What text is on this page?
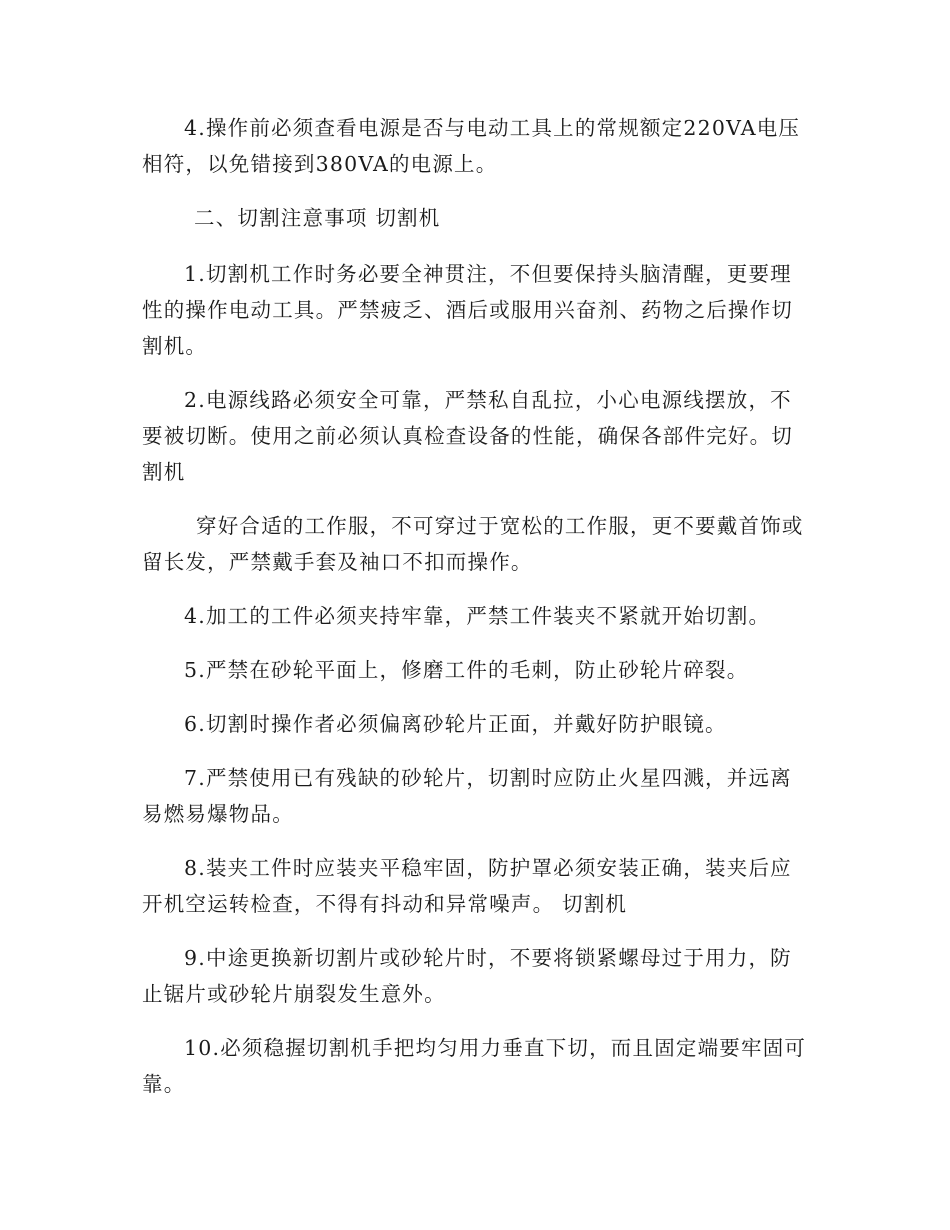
4.操作前必须查看电源是否与电动工具上的常规额定220VA电压相符，以免错接到380VA的电源上。

二、切割注意事项 切割机

1.切割机工作时务必要全神贯注，不但要保持头脑清醒，更要理性的操作电动工具。严禁疲乏、酒后或服用兴奋剂、药物之后操作切割机。

2.电源线路必须安全可靠，严禁私自乱拉，小心电源线摆放，不要被切断。使用之前必须认真检查设备的性能，确保各部件完好。切割机

穿好合适的工作服，不可穿过于宽松的工作服，更不要戴首饰或留长发，严禁戴手套及袖口不扣而操作。

4.加工的工件必须夹持牢靠，严禁工件装夹不紧就开始切割。

5.严禁在砂轮平面上，修磨工件的毛刺，防止砂轮片碎裂。

6.切割时操作者必须偏离砂轮片正面，并戴好防护眼镜。

7.严禁使用已有残缺的砂轮片，切割时应防止火星四溅，并远离易燃易爆物品。

8.装夹工件时应装夹平稳牢固，防护罩必须安装正确，装夹后应开机空运转检查，不得有抖动和异常噪声。 切割机

9.中途更换新切割片或砂轮片时，不要将锁紧螺母过于用力，防止锯片或砂轮片崩裂发生意外。

10.必须稳握切割机手把均匀用力垂直下切，而且固定端要牢固可靠。
